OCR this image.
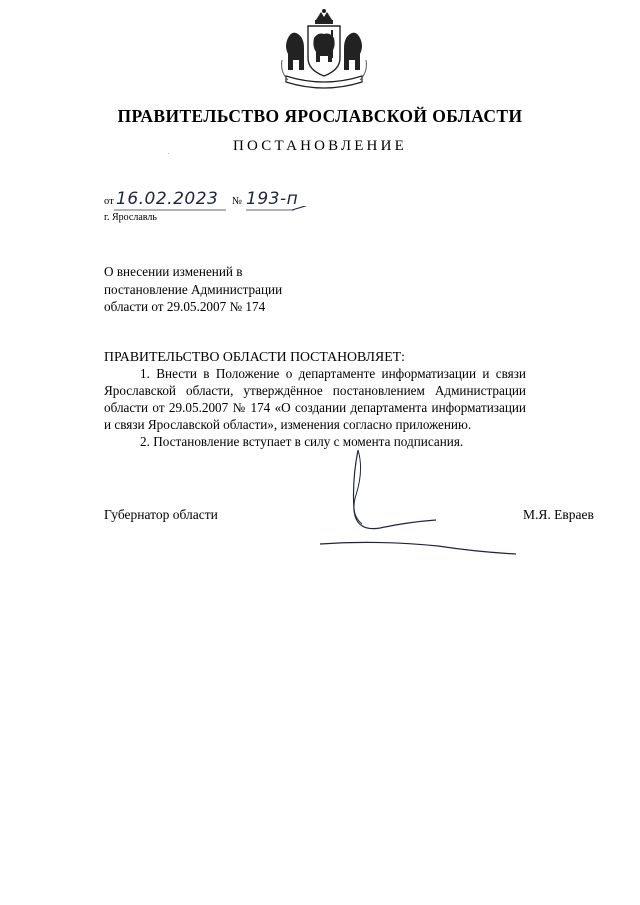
ПРАВИТЕЛЬСТВО ЯРОСЛАВСКОЙ ОБЛАСТИ
ПОСТАНОВЛЕНИЕ
от 16.02.2023 № 193-п
г. Ярославль
О внесении изменений в
постановление Администрации
области от 29.05.2007 № 174
ПРАВИТЕЛЬСТВО ОБЛАСТИ ПОСТАНОВЛЯЕТ:
1. Внести в Положение о департаменте информатизации и связи Ярославской области, утверждённое постановлением Администрации области от 29.05.2007 № 174 «О создании департамента информатизации и связи Ярославской области», изменения согласно приложению.
2. Постановление вступает в силу с момента подписания.
Губернатор области	М.Я. Евраев
